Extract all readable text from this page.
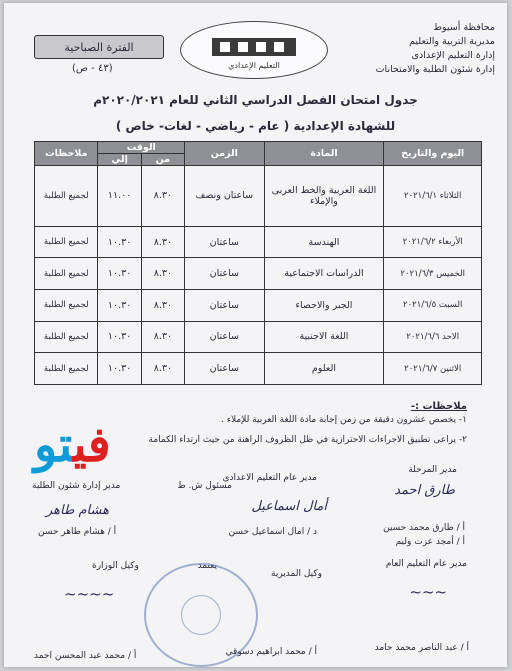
محافظة أسيوط
مديرية التربية والتعليم
إدارة التعليم الإعدادى
إدارة شئون الطلبة والامتحانات
التعليم الإعدادي
الفترة الصباحية
(٤٣ - ص)
جدول امتحان الفصل الدراسي الثاني للعام ٢٠٢٠/٢٠٢١م
للشهادة الإعدادية ( عام - رياضي - لغات- خاص )
اليوم والتاريخ	المادة	الزمن	الوقت		ملاحظات
			من	إلي	
الثلاثاء ٢٠٢١/٦/١	اللغة العربية والخط العربى والإملاء	ساعتان ونصف	٨.٣٠	١١.٠٠	لجميع الطلبة
الأربعاء ٢٠٢١/٦/٢	الهندسة	ساعتان	٨.٣٠	١٠.٣٠	لجميع الطلبة
الخميس ٢٠٢١/٦/٣	الدراسات الاجتماعية	ساعتان	٨.٣٠	١٠.٣٠	لجميع الطلبة
السبت ٢٠٢١/٦/٥	الجبر والاحصاء	ساعتان	٨.٣٠	١٠.٣٠	لجميع الطلبة
الاحد ٢٠٢١/٦/٦	اللغة الاجنبية	ساعتان	٨.٣٠	١٠.٣٠	لجميع الطلبة
الاثنين ٢٠٢١/٦/٧	العلوم	ساعتان	٨.٣٠	١٠.٣٠	لجميع الطلبة
ملاحظات :-
١- يخصص عشرون دقيقة من زمن إجابة مادة اللغة العربية للإملاء .
٢- يراعى تطبيق الاجراءات الاحترازية في ظل الظروف الراهنة من حيث ارتداء الكمامة
فيتو	مدير المرحلة
مدير عام التعليم الاعدادى
مسئول ش. ط
مدير إدارة شئون الطلبة	طارق احمد
أمال اسماعيل
هشام طاهر
أ / طارق محمد حسين
أ / أمجد عزت وليم
د / امال اسماعيل حسن
أ / هشام طاهر حسن
مدير عام التعليم العام
يعتمد
وكيل المديرية
وكيل الوزارة
~~~~	~~~
أ / عبد الناصر محمد حامد
أ / محمد ابراهيم دسوقي
أ / محمد عبد المحسن احمد
